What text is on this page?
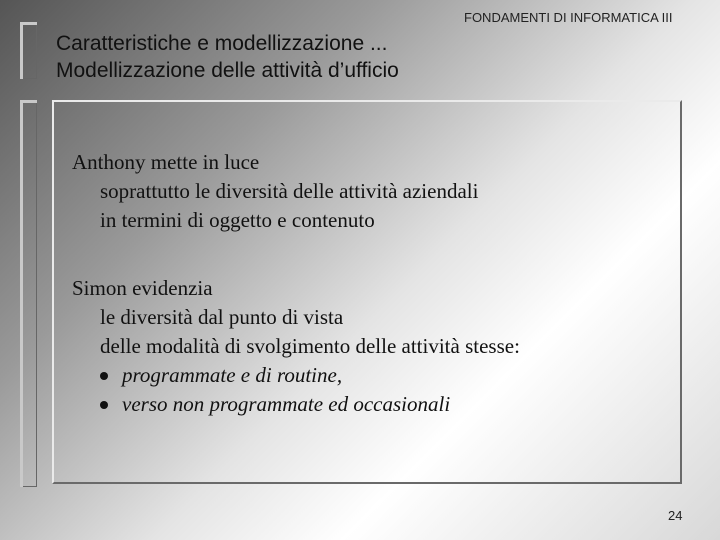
Caratteristiche e modellizzazione ...
Modellizzazione delle attività d’ufficio
FONDAMENTI DI INFORMATICA III
Anthony mette in luce
soprattutto le diversità delle attività aziendali
in termini di oggetto e contenuto
Simon evidenzia
le diversità dal punto di vista
delle modalità di svolgimento delle attività stesse:
programmate e di routine,
verso non programmate ed occasionali
24
